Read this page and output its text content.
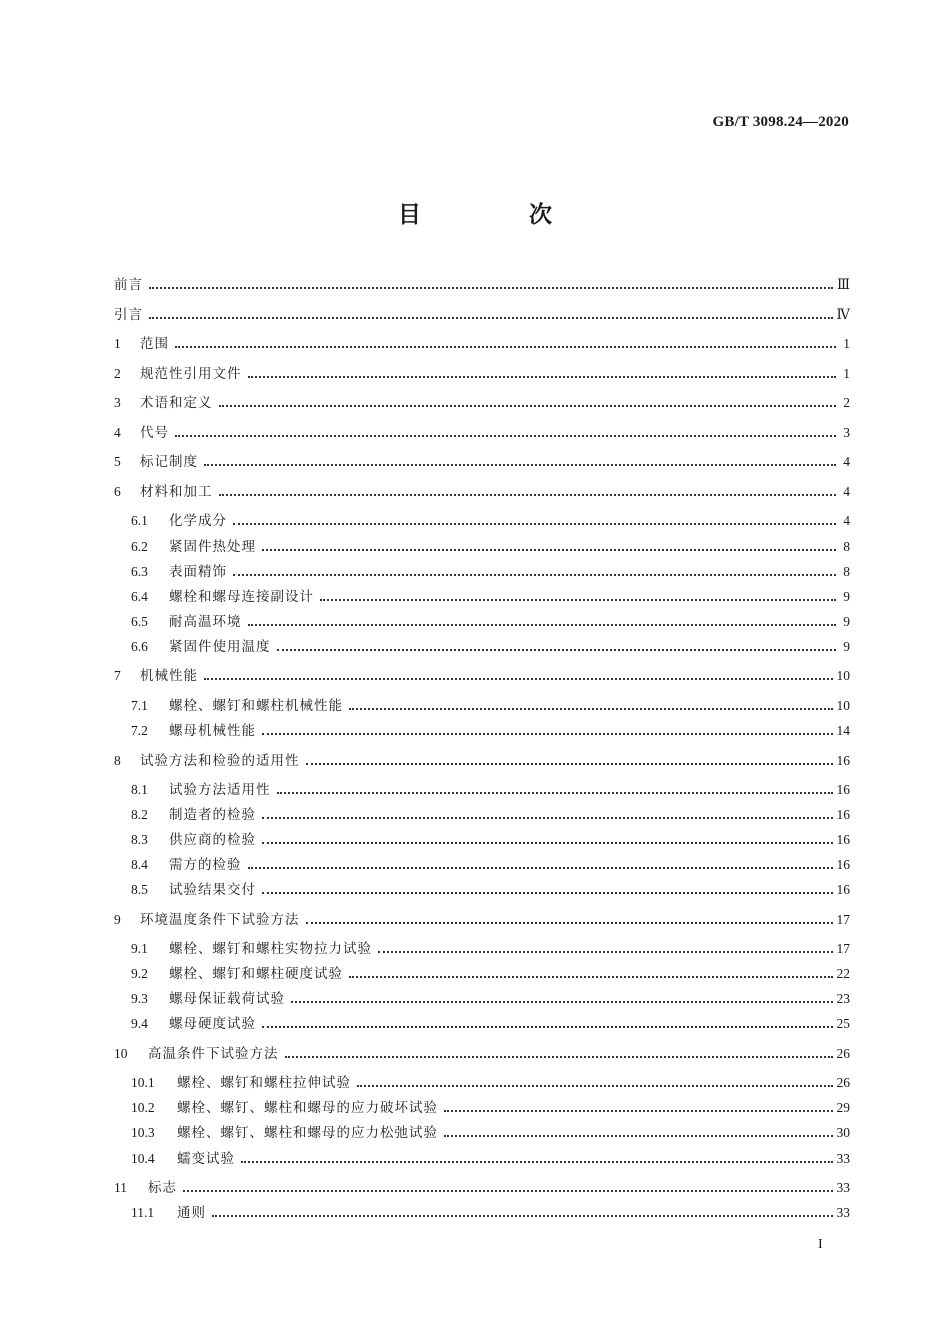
GB/T 3098.24—2020
目 次
前言	Ⅲ
引言	Ⅳ
1	范围	1
2	规范性引用文件	1
3	术语和定义	2
4	代号	3
5	标记制度	4
6	材料和加工	4
6.1	化学成分	4
6.2	紧固件热处理	8
6.3	表面精饰	8
6.4	螺栓和螺母连接副设计	9
6.5	耐高温环境	9
6.6	紧固件使用温度	9
7	机械性能	10
7.1	螺栓、螺钉和螺柱机械性能	10
7.2	螺母机械性能	14
8	试验方法和检验的适用性	16
8.1	试验方法适用性	16
8.2	制造者的检验	16
8.3	供应商的检验	16
8.4	需方的检验	16
8.5	试验结果交付	16
9	环境温度条件下试验方法	17
9.1	螺栓、螺钉和螺柱实物拉力试验	17
9.2	螺栓、螺钉和螺柱硬度试验	22
9.3	螺母保证载荷试验	23
9.4	螺母硬度试验	25
10	高温条件下试验方法	26
10.1	螺栓、螺钉和螺柱拉伸试验	26
10.2	螺栓、螺钉、螺柱和螺母的应力破坏试验	29
10.3	螺栓、螺钉、螺柱和螺母的应力松弛试验	30
10.4	蠕变试验	33
11	标志	33
11.1	通则	33
I
